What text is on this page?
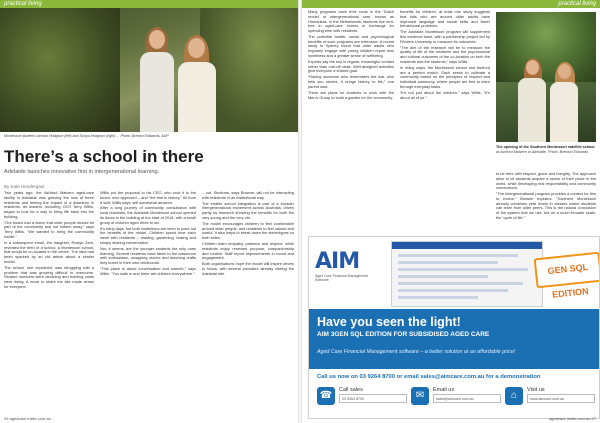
practical living	practical living
Montessori student Lachlan Hodgson (left) and Sonya Hodgson (right) ... Photo: Brenton Edwards, AAP
There’s a school in there
Adelaide launches innovative first in intergenerational learning.
By Kate Hendergast

Two years ago, the Ashford Malvern aged-care facility in Adelaide was grieving the loss of three residents and feeling the impact of a downturn in residents. Its leaders, including CEO Terry Willis, began to look for a way to bring life back into the building.

“Our board had a vision that older people should be part of the community and not hidden away,” says Terry Willis. “We wanted to bring the community inside.”

In a subsequent email, the daughter, Roslyn Zerk, revealed the birth of a school, a Montessori school, that would be co-located in the centre. The idea had been sparked by an old article about a similar model.

The school, she explained, was struggling with a problem that was growing difficult to overcome. Student numbers were declining and building costs were rising. A move to share the site made sense for everyone.

Willis put the proposal to his CEO, who took it to the board, who approved – and “the rest is history.” All from a visit, Willis says, still somewhat amazed.

After a long journey of community consultation with local residents, the Adelaide Montessori school opened its doors in the building at the start of 2018, with a small group of children aged three to six.

It’s early days, but both institutions are keen to point out the benefits of the model. Children spend time each week with residents – reading, gardening, baking and simply sharing conversation.

Nor, it seems, are the younger students the only ones learning. Several residents have taken to the classroom with enthusiasm, swapping stories and teaching crafts they learnt in their own childhoods.

“This place is about conversation and warmth,” says Willis. “You walk in and there are children everywhere.”

– out. Students, says Browne, will not be interacting with residents in an institutional way.

The enable school integration is part of a broader intergenerational movement across Australia, driven partly by research showing the benefits for both the very young and the very old.

The model encourages children to feel comfortable around older people, and residents to feel valued and useful. It also helps to break down the stereotypes on both sides.

Children learn empathy, patience and respect, while residents enjoy renewed purpose, companionship and routine. Staff report improvements in mood and engagement.

Both organisations hope the model will inspire others to follow, with several providers already visiting the Adelaide site.

Many programs have their roots in the ‘Dutch model’ of intergenerational care, known as Humanitas. In the Netherlands, students live rent-free in aged-care homes in exchange for spending time with residents.

The potential health, social and psychological benefits of such programs are extensive. A recent study in Sydney found that older adults who regularly engage with young children report less loneliness and a greater sense of wellbeing.

Experts say the key is regular, meaningful contact rather than one-off visits. Well-designed activities give everyone a shared goal.

“Having someone who remembers the war, who tells you stories, it brings history to life,” one parent said.

There are plans for students to work with the Men’s Group to build a garden for the community.

benefits for children, at least one study suggests that kids who are around older adults have improved language and social skills and fewer behavioural problems.

The Adelaide Montessori program will supplement this evidence base, with a partnership project led by Flinders University to measure its outcomes.

“The aim of the research will be to measure the quality of life of the residents and the psychosocial and cultural outcomes of the co-location on both the residents and the students,” says Willis.

In many ways, the Montessori school and Ashford are a perfect match. Each seeks to cultivate a community based on the principles of respect and individual autonomy, where people are free to learn through everyday tasks.

“It’s not just about the children,” says Willis. “It’s about all of us.”

The opening of the Southern Montessori satellite school at Ashford Malvern in Adelaide. Photo: Brenton Edwards

to be here with respect, grace and integrity. The approach aims to let students acquire a sense of their place in the world, while developing real responsibility and community connections.

“The intergenerational program provides a context for this to evolve,” Browne explains. “Southern Montessori already combines year levels in classes where students can learn from older peers. This is the natural conclusion of the system that we use, but on a much broader scale, the ‘cycle of life’.”

AIM
Aged Care Financial Management Software
GEN SQL EDITION
Have you seen the light!
AIM 3GEN SQL EDITION FOR SUBSIDISED AGED CARE
Aged Care Financial Management software – a better solution at an affordable price!
Call us now on 03 9264 8700 or email sales@aimcare.com.au for a demonstration
☎	Call sales
03 9264 8700	✉	Email us
sales@aimcare.com.au	⌂	Visit us
www.aimcare.com.au
26 agedcare insite.com.au	agedcare insite.com.au 27
